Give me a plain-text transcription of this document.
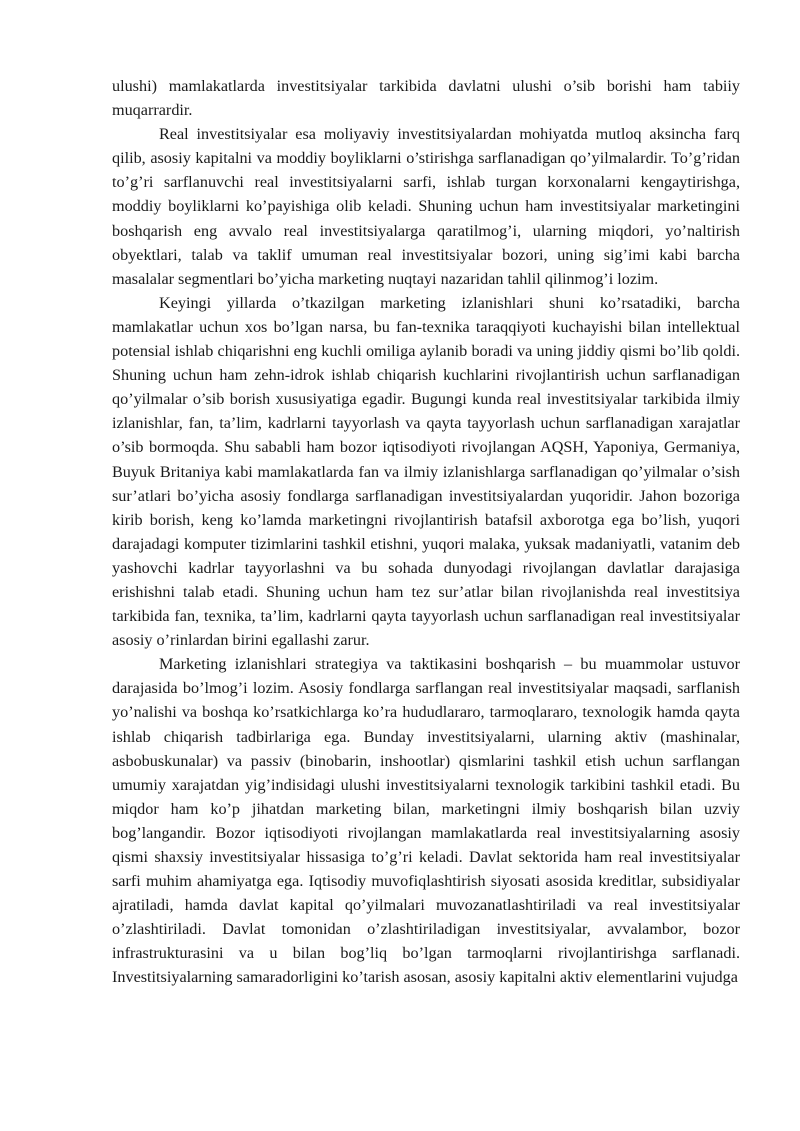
ulushi) mamlakatlarda investitsiyalar tarkibida davlatni ulushi o’sib borishi ham tabiiy muqarrardir.

Real investitsiyalar esa moliyaviy investitsiyalardan mohiyatda mutloq aksincha farq qilib, asosiy kapitalni va moddiy boyliklarni o’stirishga sarflanadigan qo’yilmalardir. To’g’ridan to’g’ri sarflanuvchi real investitsiyalarni sarfi, ishlab turgan korxonalarni kengaytirishga, moddiy boyliklarni ko’payishiga olib keladi. Shuning uchun ham investitsiyalar marketingini boshqarish eng avvalo real investitsiyalarga qaratilmog’i, ularning miqdori, yo’naltirish obyektlari, talab va taklif umuman real investitsiyalar bozori, uning sig’imi kabi barcha masalalar segmentlari bo’yicha marketing nuqtayi nazaridan tahlil qilinmog’i lozim.

Keyingi yillarda o’tkazilgan marketing izlanishlari shuni ko’rsatadiki, barcha mamlakatlar uchun xos bo’lgan narsa, bu fan-texnika taraqqiyoti kuchayishi bilan intellektual potensial ishlab chiqarishni eng kuchli omiliga aylanib boradi va uning jiddiy qismi bo’lib qoldi. Shuning uchun ham zehn-idrok ishlab chiqarish kuchlarini rivojlantirish uchun sarflanadigan qo’yilmalar o’sib borish xususiyatiga egadir. Bugungi kunda real investitsiyalar tarkibida ilmiy izlanishlar, fan, ta’lim, kadrlarni tayyorlash va qayta tayyorlash uchun sarflanadigan xarajatlar o’sib bormoqda. Shu sababli ham bozor iqtisodiyoti rivojlangan AQSH, Yaponiya, Germaniya, Buyuk Britaniya kabi mamlakatlarda fan va ilmiy izlanishlarga sarflanadigan qo’yilmalar o’sish sur’atlari bo’yicha asosiy fondlarga sarflanadigan investitsiyalardan yuqoridir. Jahon bozoriga kirib borish, keng ko’lamda marketingni rivojlantirish batafsil axborotga ega bo’lish, yuqori darajadagi komputer tizimlarini tashkil etishni, yuqori malaka, yuksak madaniyatli, vatanim deb yashovchi kadrlar tayyorlashni va bu sohada dunyodagi rivojlangan davlatlar darajasiga erishishni talab etadi. Shuning uchun ham tez sur’atlar bilan rivojlanishda real investitsiya tarkibida fan, texnika, ta’lim, kadrlarni qayta tayyorlash uchun sarflanadigan real investitsiyalar asosiy o’rinlardan birini egallashi zarur.

Marketing izlanishlari strategiya va taktikasini boshqarish – bu muammolar ustuvor darajasida bo’lmog’i lozim. Asosiy fondlarga sarflangan real investitsiyalar maqsadi, sarflanish yo’nalishi va boshqa ko’rsatkichlarga ko’ra hududlararo, tarmoqlararo, texnologik hamda qayta ishlab chiqarish tadbirlariga ega. Bunday investitsiyalarni, ularning aktiv (mashinalar, asbobuskunalar) va passiv (binobarin, inshootlar) qismlarini tashkil etish uchun sarflangan umumiy xarajatdan yig’indisidagi ulushi investitsiyalarni texnologik tarkibini tashkil etadi. Bu miqdor ham ko’p jihatdan marketing bilan, marketingni ilmiy boshqarish bilan uzviy bog’langandir. Bozor iqtisodiyoti rivojlangan mamlakatlarda real investitsiyalarning asosiy qismi shaxsiy investitsiyalar hissasiga to’g’ri keladi. Davlat sektorida ham real investitsiyalar sarfi muhim ahamiyatga ega. Iqtisodiy muvofiqlashtirish siyosati asosida kreditlar, subsidiyalar ajratiladi, hamda davlat kapital qo’yilmalari muvozanatlashtiriladi va real investitsiyalar o’zlashtiriladi. Davlat tomonidan o’zlashtiriladigan investitsiyalar, avvalambor, bozor infrastrukturasini va u bilan bog’liq bo’lgan tarmoqlarni rivojlantirishga sarflanadi. Investitsiyalarning samaradorligini ko’tarish asosan, asosiy kapitalni aktiv elementlarini vujudga
